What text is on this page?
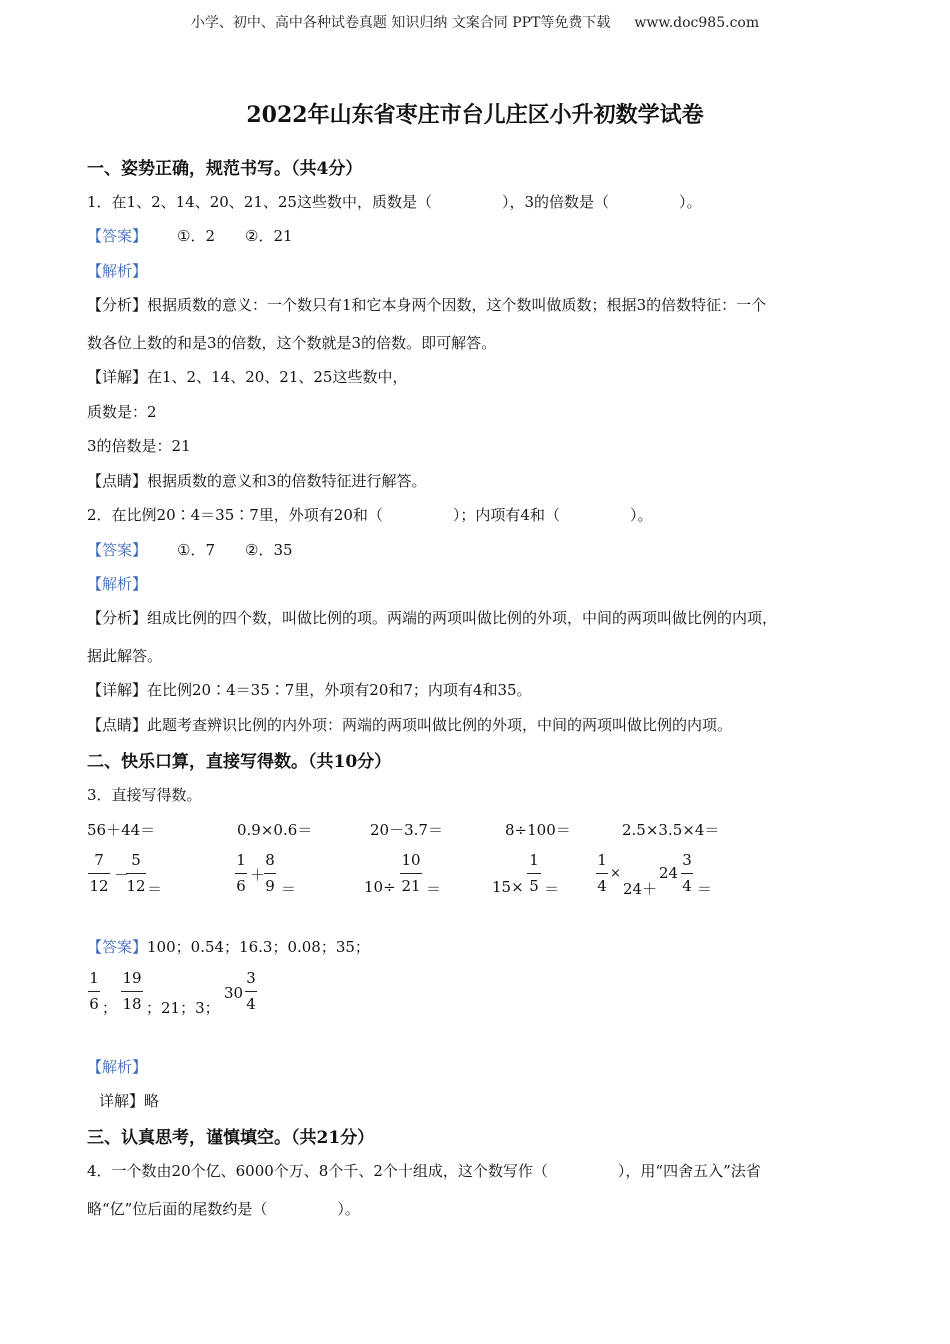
小学、初中、高中各种试卷真题 知识归纳 文案合同 PPT等免费下载 www.doc985.com
2022年山东省枣庄市台儿庄区小升初数学试卷
一、姿势正确，规范书写。（共4分）
1．在1、2、14、20、21、25这些数中，质数是（	），3的倍数是（	）。
【答案】 ①．2　　②．21
【解析】
【分析】根据质数的意义：一个数只有1和它本身两个因数，这个数叫做质数；根据3的倍数特征：一个
数各位上数的和是3的倍数，这个数就是3的倍数。即可解答。
【详解】在1、2、14、20、21、25这些数中，
质数是：2
3的倍数是：21
【点睛】根据质数的意义和3的倍数特征进行解答。
2．在比例20∶4＝35∶7里，外项有20和（	）；内项有4和（	）。
【答案】 ①．7　　②．35
【解析】
【分析】组成比例的四个数，叫做比例的项。两端的两项叫做比例的外项，中间的两项叫做比例的内项，
据此解答。
【详解】在比例20∶4＝35∶7里，外项有20和7；内项有4和35。
【点睛】此题考查辨识比例的内外项：两端的两项叫做比例的外项，中间的两项叫做比例的内项。
二、快乐口算，直接写得数。（共10分）
3．直接写得数。
56＋44＝	0.9×0.6＝	20－3.7＝	8÷100＝	2.5×3.5×4＝
7
12
－
5
12 ＝
1
6
＋
8
9 ＝	10÷
10
21 ＝	15×
1
5 ＝
1
4
×
24＋
24
3
4 ＝
【答案】100；0.54；16.3；0.08；35；
1
6 ；
19
18 ；21；3；
30
3
4
【解析】
详解】略
三、认真思考，谨慎填空。（共21分）
4．一个数由20个亿、6000个万、8个千、2个十组成，这个数写作（	），用“四舍五入”法省
略“亿”位后面的尾数约是（	）。
